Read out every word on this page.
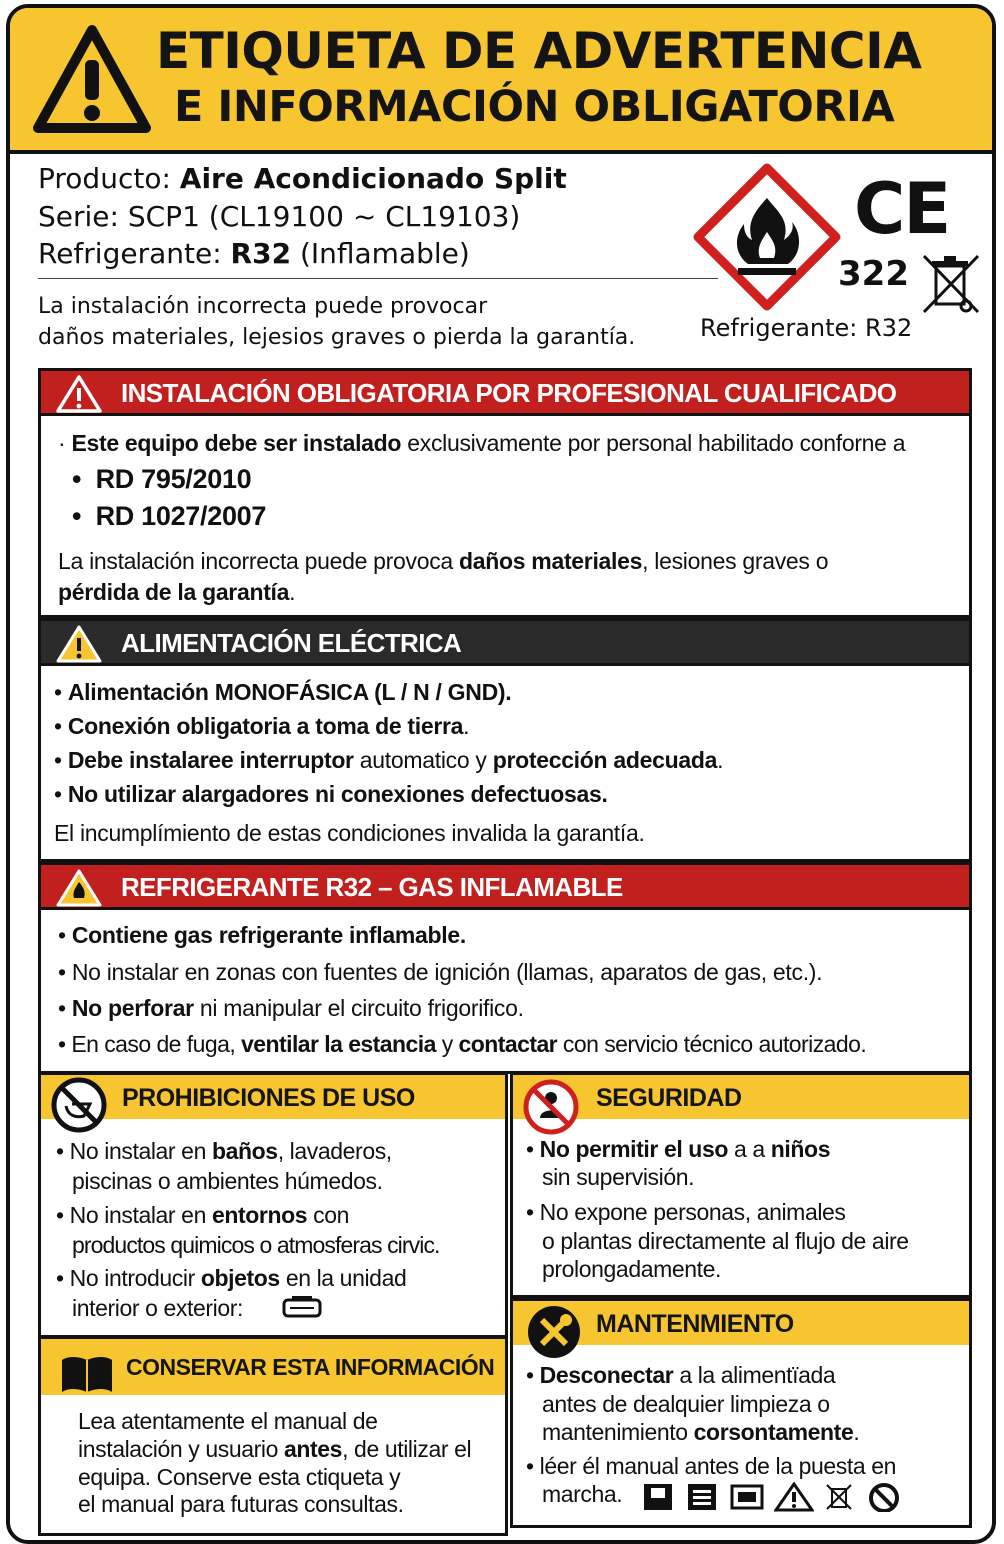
ETIQUETA DE ADVERTENCIA
E INFORMACIÓN OBLIGATORIA
Producto: Aire Acondicionado Split
Serie: SCP1 (CL19100 ~ CL19103)
Refrigerante: R32 (Inflamable)
La instalación incorrecta puede provocar
daños materiales, lejesios graves o pierda la garantía.
CE
322
Refrigerante: R32
INSTALACIÓN OBLIGATORIA POR PROFESIONAL CUALIFICADO
· Este equipo debe ser instalado exclusivamente por personal habilitado conforne a
•  RD 795/2010
•  RD 1027/2007
La instalación incorrecta puede provoca daños materiales, lesiones graves o
pérdida de la garantía.
ALIMENTACIÓN ELÉCTRICA
• Alimentación MONOFÁSICA (L / N / GND).
• Conexión obligatoria a toma de tierra.
• Debe instalaree interruptor automatico y protección adecuada.
• No utilizar alargadores ni conexiones defectuosas.
El incumplímiento de estas condiciones invalida la garantía.
REFRIGERANTE R32 – GAS INFLAMABLE
• Contiene gas refrigerante inflamable.
• No instalar en zonas con fuentes de ignición (llamas, aparatos de gas, etc.).
• No perforar ni manipular el circuito frigorifico.
• En caso de fuga, ventilar la estancia y contactar con servicio técnico autorizado.
PROHIBICIONES DE USO
• No instalar en baños, lavaderos,
piscinas o ambientes húmedos.
• No instalar en entornos con
productos quimicos o atmosferas cirvic.
• No introducir objetos en la unidad
interior o exterior:
SEGURIDAD
• No permitir el uso a a niños
sin supervisión.
• No expone personas, animales
o plantas directamente al flujo de aire
prolongadamente.
MANTENMIENTO
• Desconectar a la alimentïada
antes de dealquier limpieza o
mantenimiento corsontamente.
• léer él manual antes de la puesta en
marcha.
CONSERVAR ESTA INFORMACIÓN
Lea atentamente el manual de
instalación y usuario antes, de utilizar el
equipa. Conserve esta ctiqueta y
el manual para futuras consultas.
